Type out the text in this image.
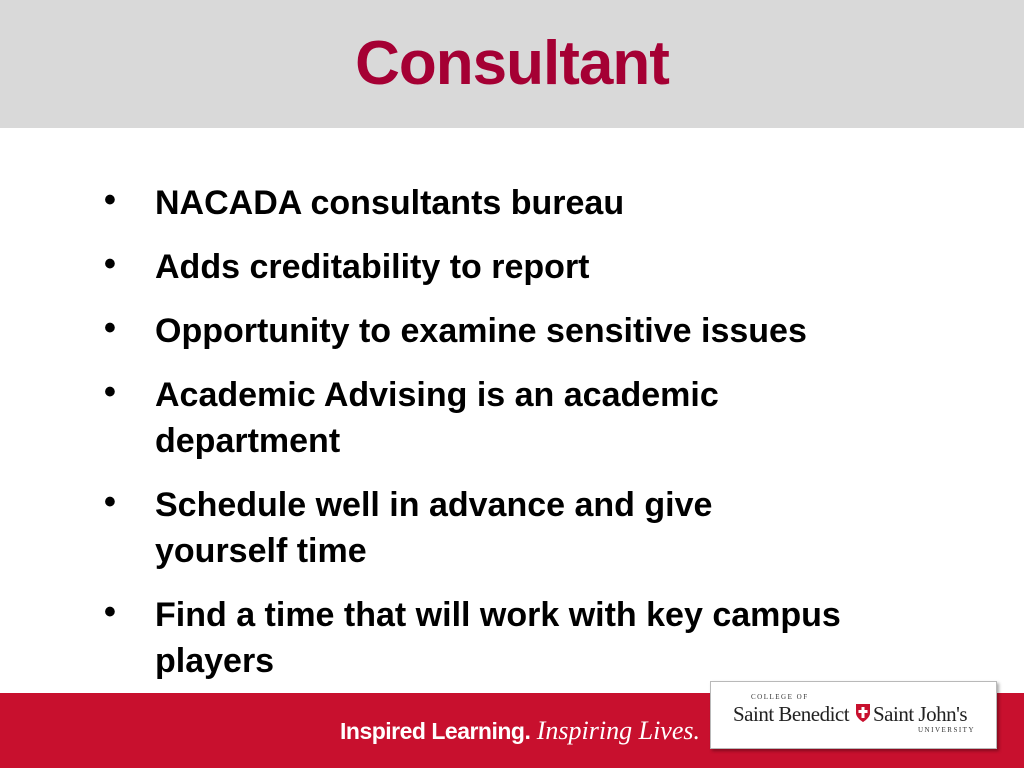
Consultant
• NACADA consultants bureau
• Adds creditability to report
• Opportunity to examine sensitive issues
• Academic Advising is an academic
department
• Schedule well in advance and give
yourself time
• Find a time that will work with key campus
players
Inspired Learning. Inspiring Lives.
COLLEGE OF
Saint Benedict Saint John's
UNIVERSITY
